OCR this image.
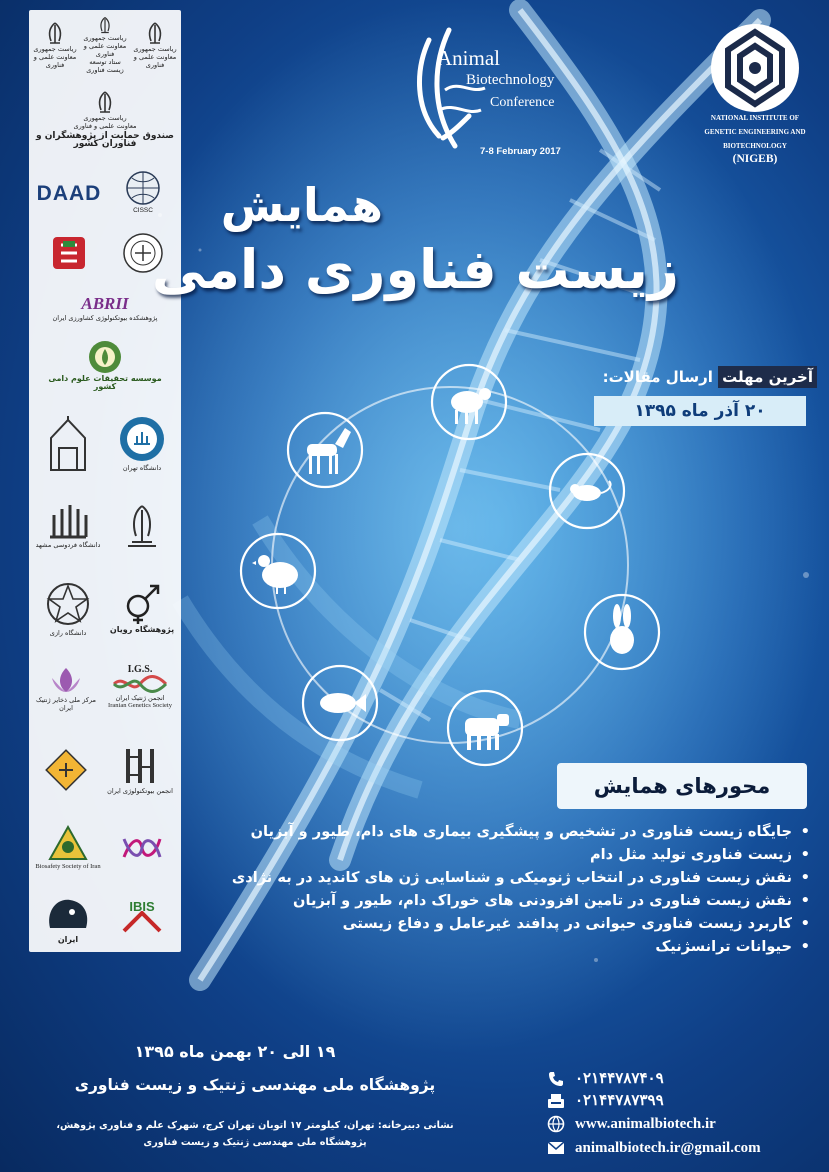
ریاست جمهوری
معاونت علمی و فناوری
ریاست جمهوری
معاونت علمی و فناوری
ستاد توسعه زیست فناوری
ریاست جمهوری
معاونت علمی و فناوری
ریاست جمهوری
معاونت علمی و فناوری
صندوق حمایت از پژوهشگران و فناوران کشور
DAAD
CISSC
ABRII
پژوهشکده بیوتکنولوژی کشاورزی ایران
موسسه تحقیقات علوم دامی کشور
دانشگاه تهران
دانشگاه فردوسی مشهد
دانشگاه رازی	پژوهشگاه رویان
مرکز ملی ذخایر ژنتیک ایران
I.G.S.
انجمن ژنتیک ایران
Iranian Genetics Society
انجمن بیوتکنولوژی ایران
Biosafety Society of Iran
ایران
IBIS
Animal
Biotechnology
Conference
7-8 February 2017
NATIONAL INSTITUTE OF GENETIC ENGINEERING AND BIOTECHNOLOGY
(NIGEB)
همایش
زیست فناوری دامی
آخرین مهلت ارسال مقالات:
۲۰ آذر ماه ۱۳۹۵
محورهای همایش
• جایگاه زیست فناوری در تشخیص و پیشگیری بیماری های دام، طیور و آبزیان
• زیست فناوری تولید مثل دام
• نقش زیست فناوری در انتخاب ژنومیکی و شناسایی ژن های کاندید در به نژادی
• نقش زیست فناوری در تامین افزودنی های خوراک دام، طیور و آبزیان
• کاربرد زیست فناوری حیوانی در پدافند غیرعامل و دفاع زیستی
• حیوانات ترانسژنیک
۱۹ الی ۲۰ بهمن ماه ۱۳۹۵
پژوهشگاه ملی مهندسی ژنتیک و زیست فناوری
نشانی دبیرخانه: تهران، کیلومتر ۱۷ اتوبان تهران کرج، شهرک علم و فناوری پژوهش،
پژوهشگاه ملی مهندسی ژنتیک و زیست فناوری
۰۲۱۴۴۷۸۷۴۰۹
۰۲۱۴۴۷۸۷۳۹۹
www.animalbiotech.ir
animalbiotech.ir@gmail.com
